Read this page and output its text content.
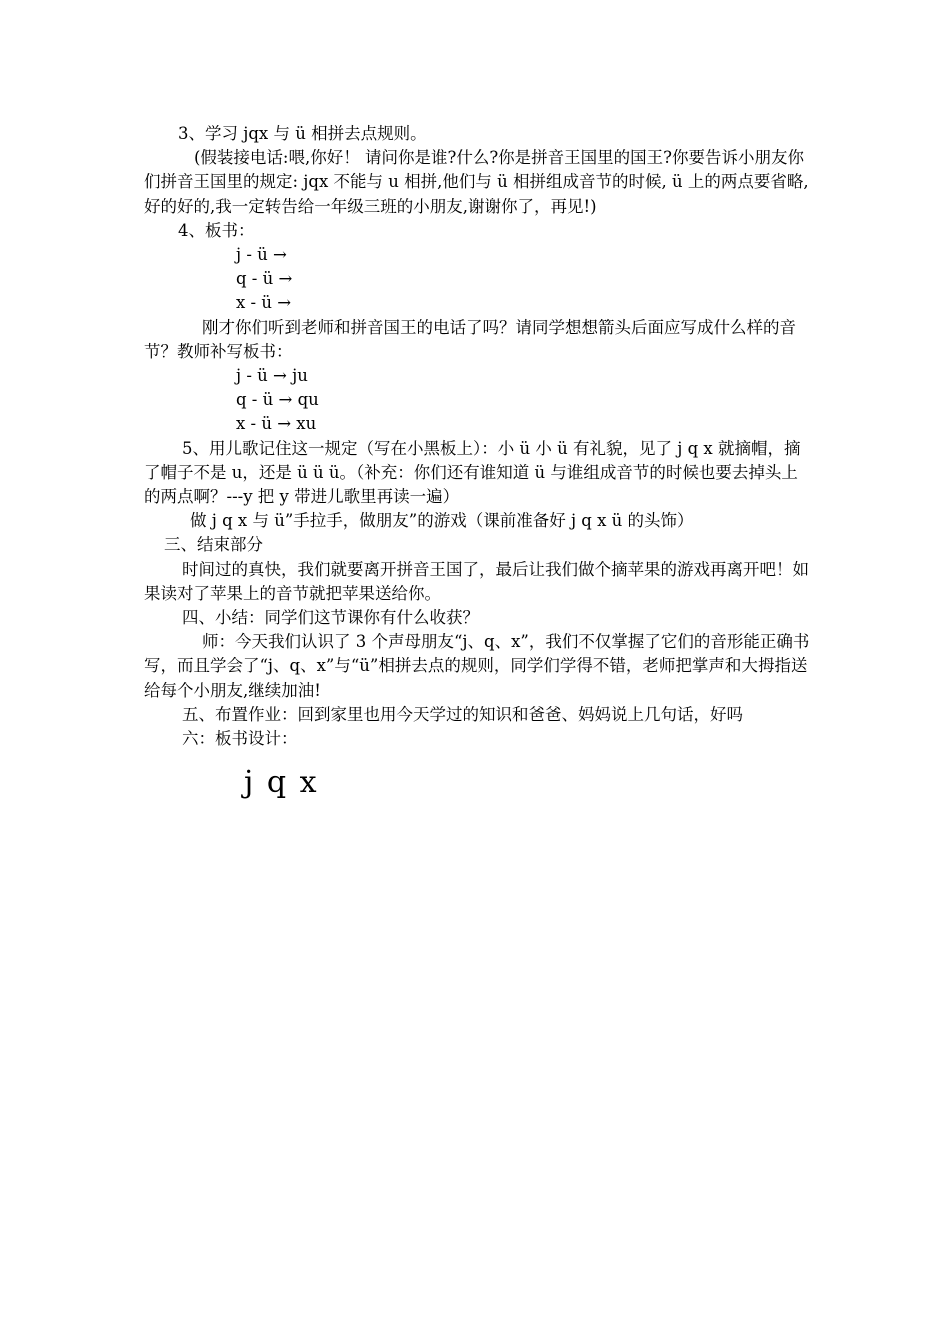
3、学习 jqx 与 ü 相拼去点规则。

(假装接电话:喂,你好！ 请问你是谁?什么?你是拼音王国里的国王?你要告诉小朋友你们拼音王国里的规定: jqx 不能与 u 相拼,他们与 ü 相拼组成音节的时候, ü 上的两点要省略,好的好的,我一定转告给一年级三班的小朋友,谢谢你了，再见!)

4、板书：

j - ü →
q - ü →
x - ü →

刚才你们听到老师和拼音国王的电话了吗？请同学想想箭头后面应写成什么样的音节？教师补写板书：

j - ü → ju
q - ü → qu
x - ü → xu

5、用儿歌记住这一规定（写在小黑板上）：小 ü 小 ü 有礼貌，见了 j q x 就摘帽，摘了帽子不是 u，还是 ü ü ü。（补充：你们还有谁知道 ü 与谁组成音节的时候也要去掉头上的两点啊？---y 把 y 带进儿歌里再读一遍）

做 j q x 与 ü”手拉手，做朋友”的游戏（课前准备好 j q x ü 的头饰）

三、结束部分

时间过的真快，我们就要离开拼音王国了，最后让我们做个摘苹果的游戏再离开吧！如果读对了苹果上的音节就把苹果送给你。

四、小结：同学们这节课你有什么收获？

师：今天我们认识了 3 个声母朋友“j、q、x”，我们不仅掌握了它们的音形能正确书写，而且学会了“j、q、x”与“ü”相拼去点的规则，同学们学得不错，老师把掌声和大拇指送给每个小朋友,继续加油!

五、布置作业：回到家里也用今天学过的知识和爸爸、妈妈说上几句话，好吗

六：板书设计：

j q x
